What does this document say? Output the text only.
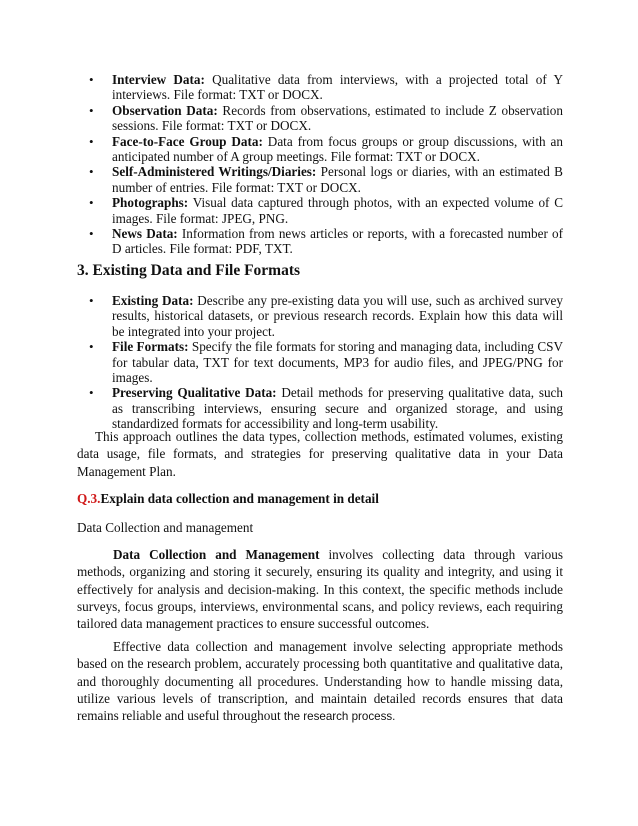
• Interview Data: Qualitative data from interviews, with a projected total of Y interviews. File format: TXT or DOCX.
• Observation Data: Records from observations, estimated to include Z observation sessions. File format: TXT or DOCX.
• Face-to-Face Group Data: Data from focus groups or group discussions, with an anticipated number of A group meetings. File format: TXT or DOCX.
• Self-Administered Writings/Diaries: Personal logs or diaries, with an estimated B number of entries. File format: TXT or DOCX.
• Photographs: Visual data captured through photos, with an expected volume of C images. File format: JPEG, PNG.
• News Data: Information from news articles or reports, with a forecasted number of D articles. File format: PDF, TXT.
3. Existing Data and File Formats
• Existing Data: Describe any pre-existing data you will use, such as archived survey results, historical datasets, or previous research records. Explain how this data will be integrated into your project.
• File Formats: Specify the file formats for storing and managing data, including CSV for tabular data, TXT for text documents, MP3 for audio files, and JPEG/PNG for images.
• Preserving Qualitative Data: Detail methods for preserving qualitative data, such as transcribing interviews, ensuring secure and organized storage, and using standardized formats for accessibility and long-term usability.

This approach outlines the data types, collection methods, estimated volumes, existing data usage, file formats, and strategies for preserving qualitative data in your Data Management Plan.

Q.3.Explain data collection and management in detail

Data Collection and management

Data Collection and Management involves collecting data through various methods, organizing and storing it securely, ensuring its quality and integrity, and using it effectively for analysis and decision-making. In this context, the specific methods include surveys, focus groups, interviews, environmental scans, and policy reviews, each requiring tailored data management practices to ensure successful outcomes.

Effective data collection and management involve selecting appropriate methods based on the research problem, accurately processing both quantitative and qualitative data, and thoroughly documenting all procedures. Understanding how to handle missing data, utilize various levels of transcription, and maintain detailed records ensures that data remains reliable and useful throughout the research process.
